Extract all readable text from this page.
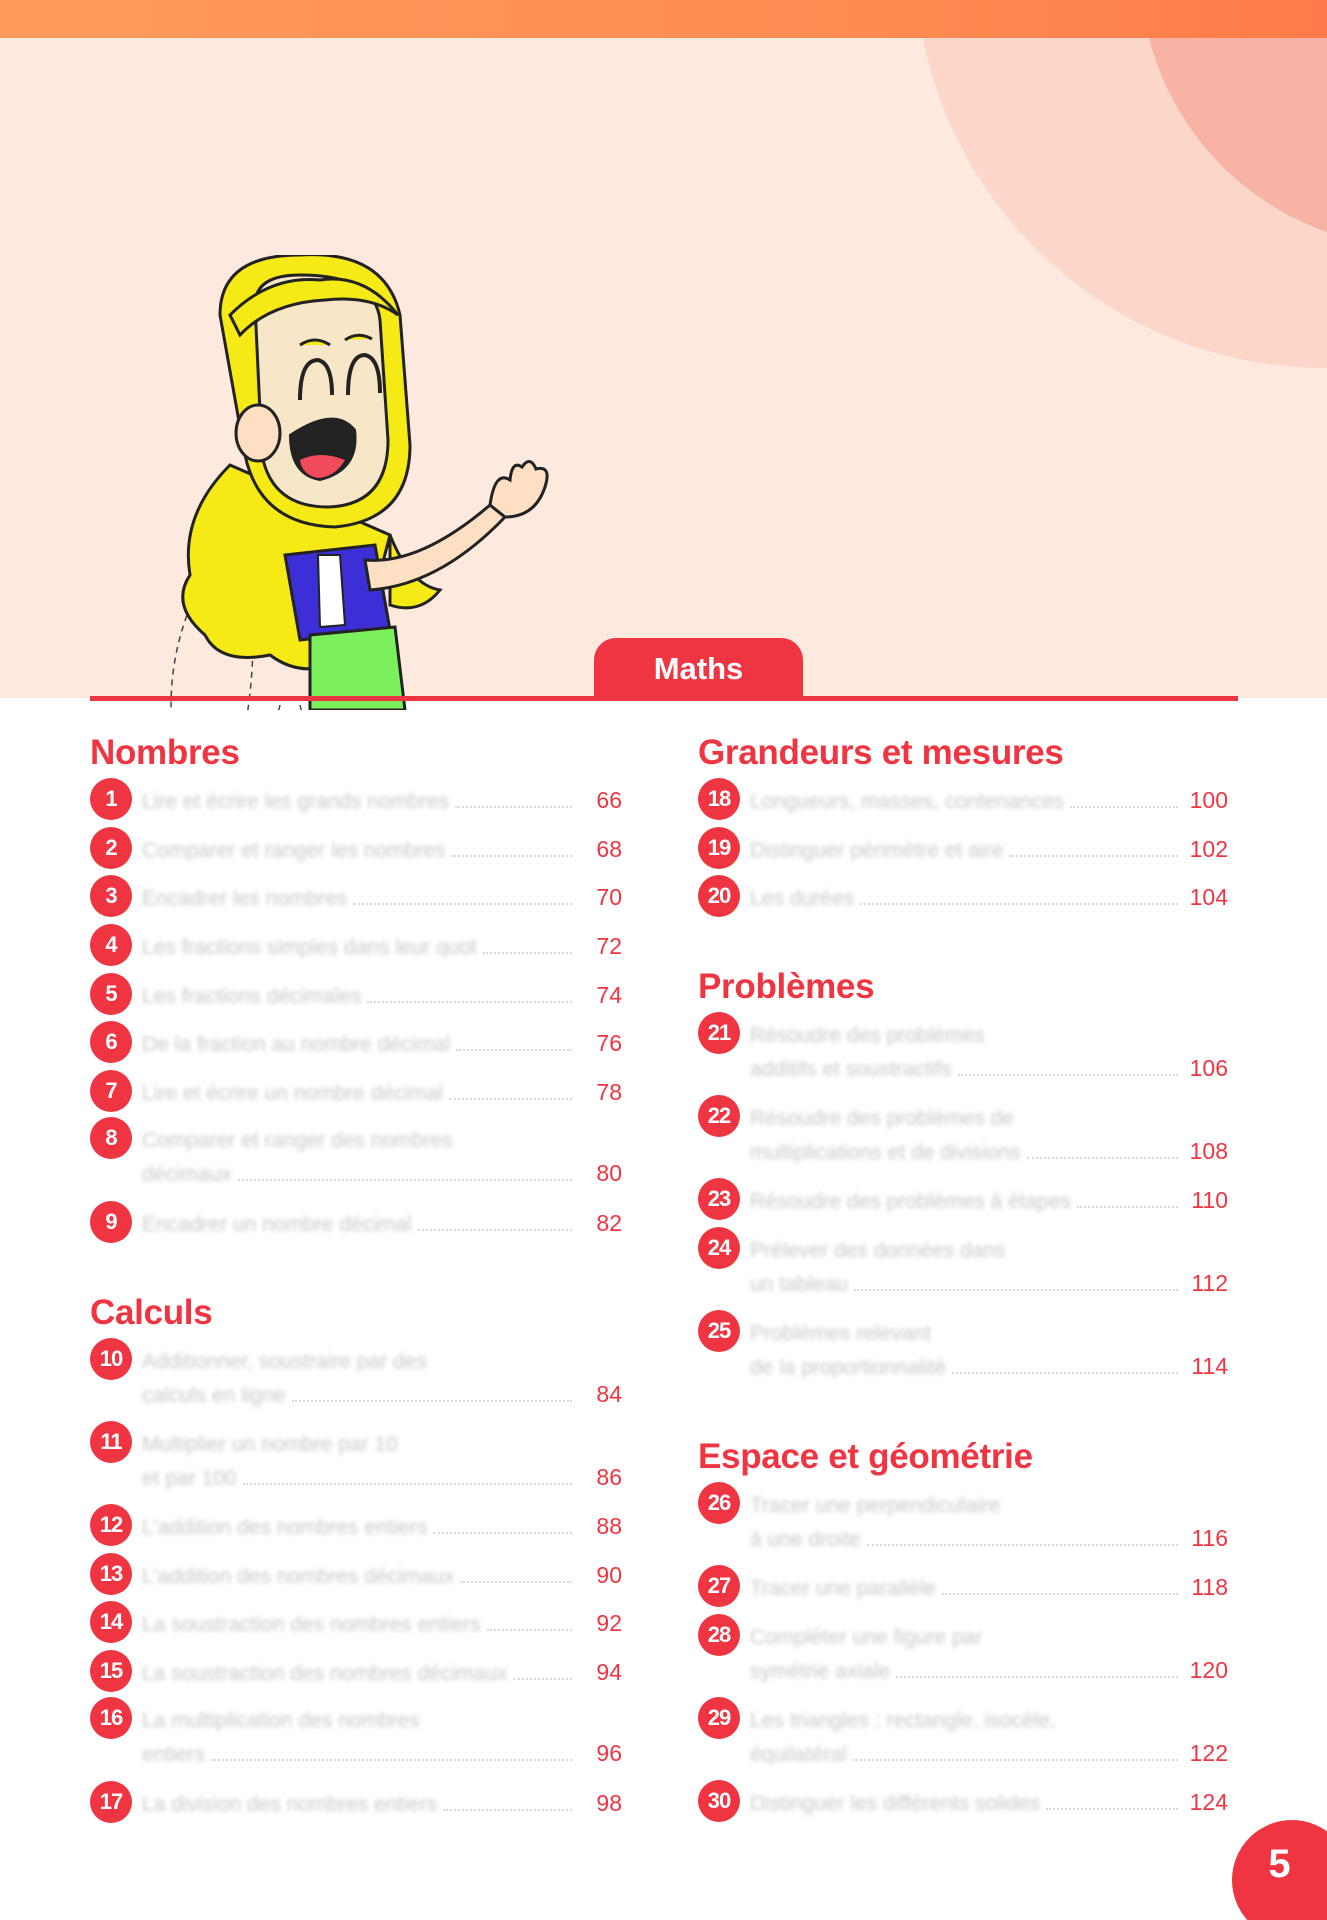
Maths
Nombres
Calculs
Grandeurs et mesures
Problèmes
Espace et géométrie
1	Lire et écrire les grands nombres	66
2	Comparer et ranger les nombres	68
3	Encadrer les nombres	70
4	Les fractions simples dans leur quot	72
5	Les fractions décimales	74
6	De la fraction au nombre décimal	76
7	Lire et écrire un nombre décimal	78
8	Comparer et ranger des nombres
décimaux	80
9	Encadrer un nombre décimal	82
10 Additionner, soustraire par des
calculs en ligne	84
11 Multiplier un nombre par 10
et par 100	86
12 L'addition des nombres entiers	88
13 L'addition des nombres décimaux	90
14 La soustraction des nombres entiers	92
15 La soustraction des nombres décimaux	94
16 La multiplication des nombres
entiers	96
17 La division des nombres entiers	98
18 Longueurs, masses, contenances	100
19 Distinguer périmètre et aire	102
20 Les durées	104
21 Résoudre des problèmes
additifs et soustractifs	106
22 Résoudre des problèmes de
multiplications et de divisions	108
23 Résoudre des problèmes à étapes	110
24 Prélever des données dans
un tableau	112
25 Problèmes relevant
de la proportionnalité	114
26 Tracer une perpendiculaire
à une droite	116
27 Tracer une parallèle	118
28 Compléter une figure par
symétrie axiale	120
29 Les triangles : rectangle, isocèle,
équilatéral	122
30 Distinguer les différents solides	124
5
